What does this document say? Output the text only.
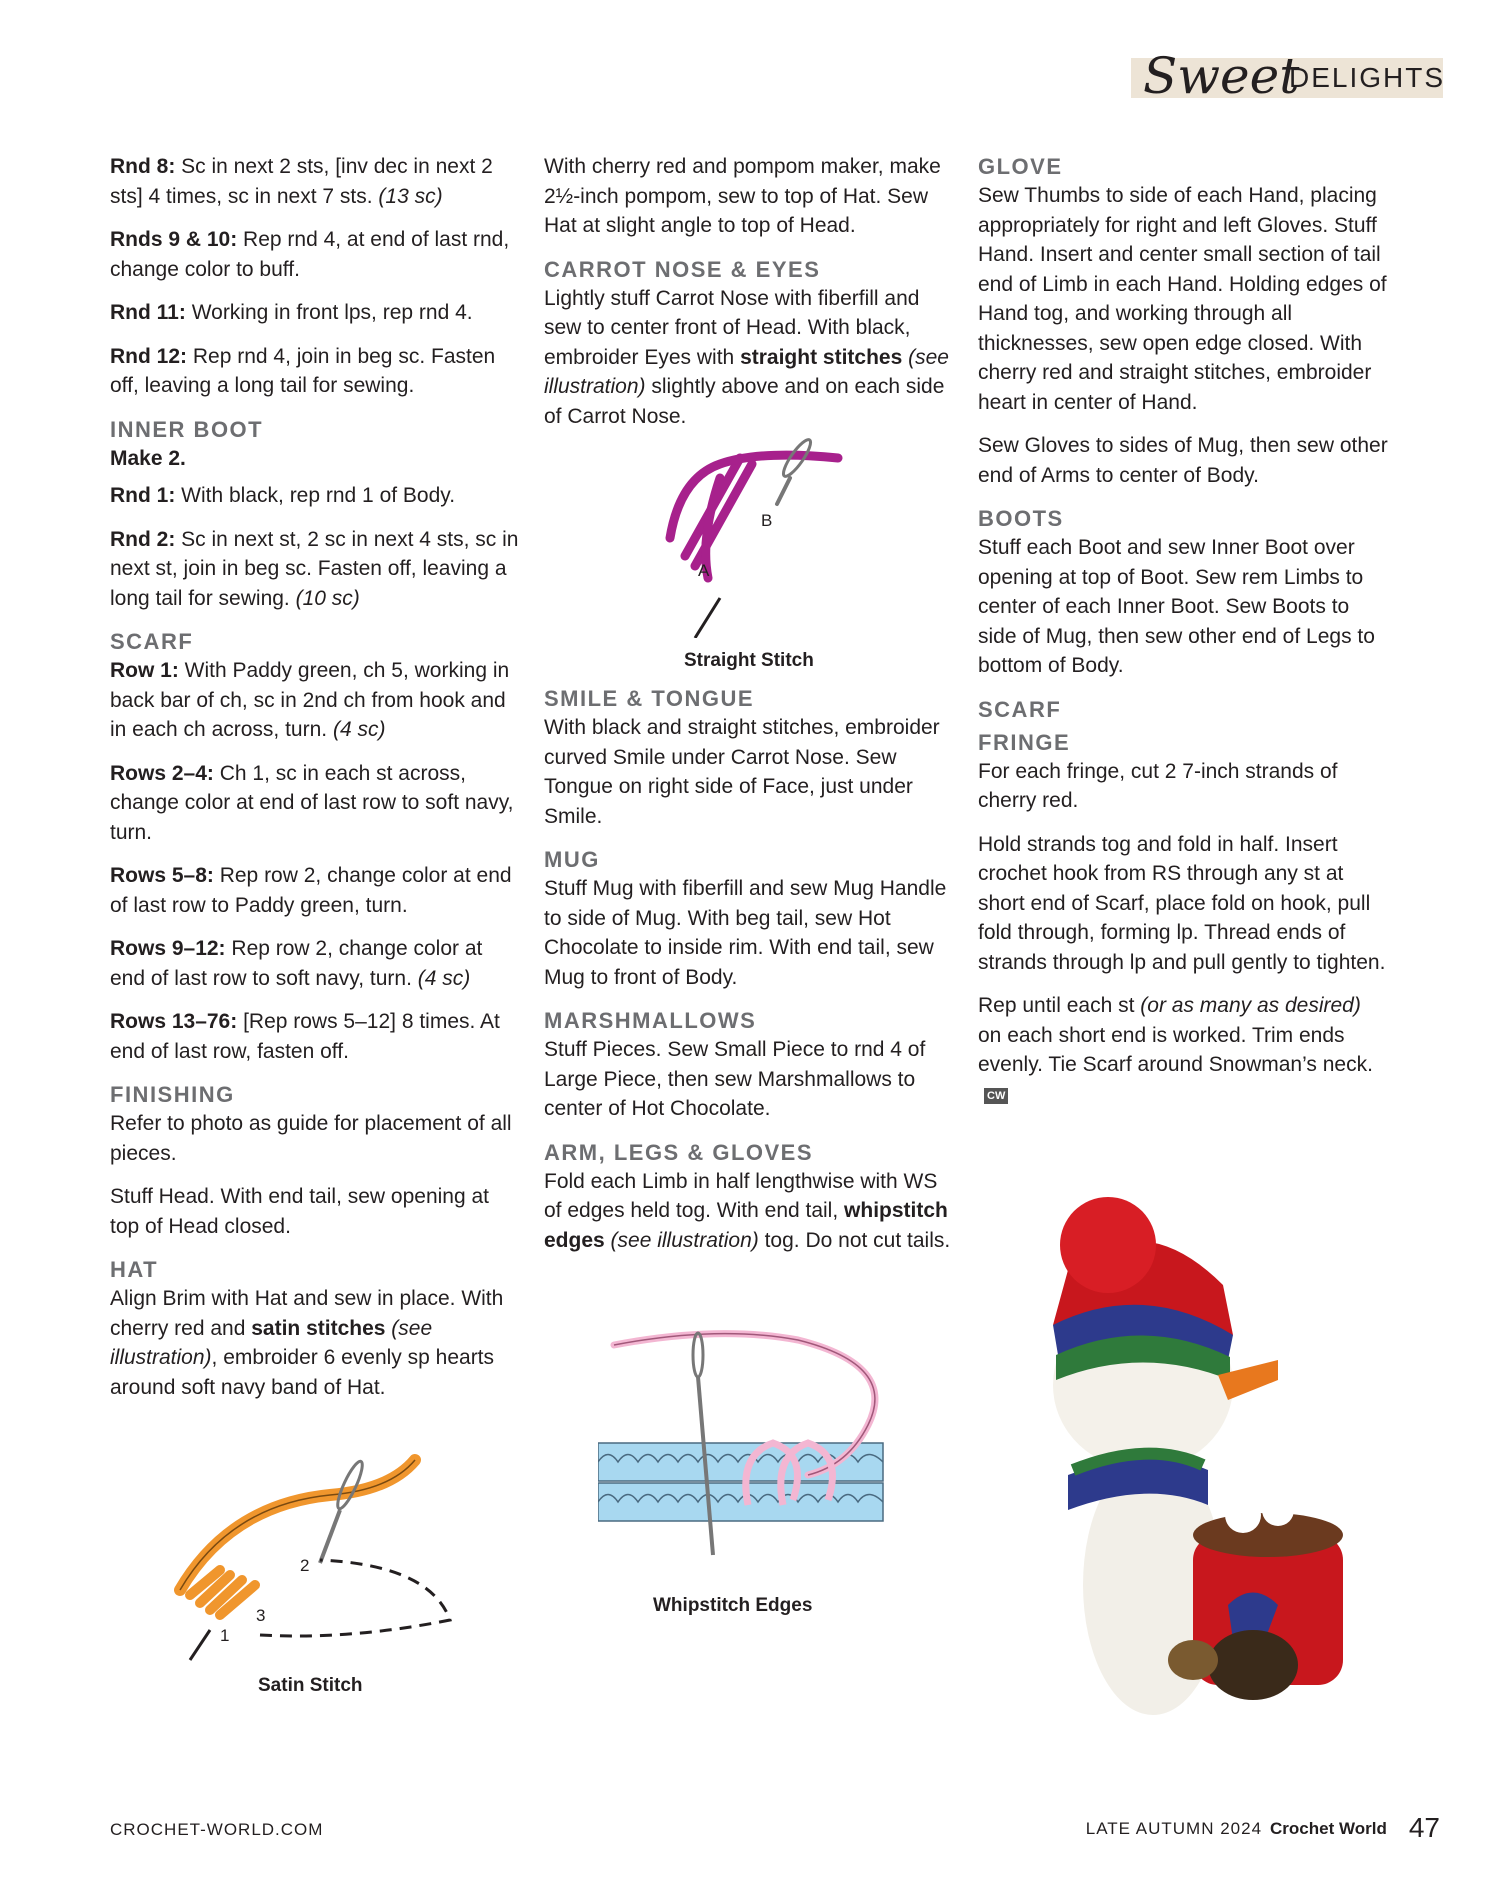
Sweet
DELIGHTS

Rnd 8: Sc in next 2 sts, [inv dec in next 2 sts] 4 times, sc in next 7 sts. (13 sc)

Rnds 9 & 10: Rep rnd 4, at end of last rnd, change color to buff.

Rnd 11: Working in front lps, rep rnd 4.

Rnd 12: Rep rnd 4, join in beg sc. Fasten off, leaving a long tail for sewing.

INNER BOOT

Make 2.

Rnd 1: With black, rep rnd 1 of Body.

Rnd 2: Sc in next st, 2 sc in next 4 sts, sc in next st, join in beg sc. Fasten off, leaving a long tail for sewing. (10 sc)

SCARF

Row 1: With Paddy green, ch 5, working in back bar of ch, sc in 2nd ch from hook and in each ch across, turn. (4 sc)

Rows 2–4: Ch 1, sc in each st across, change color at end of last row to soft navy, turn.

Rows 5–8: Rep row 2, change color at end of last row to Paddy green, turn.

Rows 9–12: Rep row 2, change color at end of last row to soft navy, turn. (4 sc)

Rows 13–76: [Rep rows 5–12] 8 times. At end of last row, fasten off.

FINISHING

Refer to photo as guide for placement of all pieces.

Stuff Head. With end tail, sew opening at top of Head closed.

HAT

Align Brim with Hat and sew in place. With cherry red and satin stitches (see illustration), embroider 6 evenly sp hearts around soft navy band of Hat.

With cherry red and pompom maker, make 2½-inch pompom, sew to top of Hat. Sew Hat at slight angle to top of Head.

CARROT NOSE & EYES

Lightly stuff Carrot Nose with fiberfill and sew to center front of Head. With black, embroider Eyes with straight stitches (see illustration) slightly above and on each side of Carrot Nose.

SMILE & TONGUE

With black and straight stitches, embroider curved Smile under Carrot Nose. Sew Tongue on right side of Face, just under Smile.

MUG

Stuff Mug with fiberfill and sew Mug Handle to side of Mug. With beg tail, sew Hot Chocolate to inside rim. With end tail, sew Mug to front of Body.

MARSHMALLOWS

Stuff Pieces. Sew Small Piece to rnd 4 of Large Piece, then sew Marshmallows to center of Hot Chocolate.

ARM, LEGS & GLOVES

Fold each Limb in half lengthwise with WS of edges held tog. With end tail, whipstitch edges (see illustration) tog. Do not cut tails.

GLOVE

Sew Thumbs to side of each Hand, placing appropriately for right and left Gloves. Stuff Hand. Insert and center small section of tail end of Limb in each Hand. Holding edges of Hand tog, and working through all thicknesses, sew open edge closed. With cherry red and straight stitches, embroider heart in center of Hand.

Sew Gloves to sides of Mug, then sew other end of Arms to center of Body.

BOOTS

Stuff each Boot and sew Inner Boot over opening at top of Boot. Sew rem Limbs to center of each Inner Boot. Sew Boots to side of Mug, then sew other end of Legs to bottom of Body.

SCARF
FRINGE

For each fringe, cut 2 7-inch strands of cherry red.

Hold strands tog and fold in half. Insert crochet hook from RS through any st at short end of Scarf, place fold on hook, pull fold through, forming lp. Thread ends of strands through lp and pull gently to tighten.

Rep until each st (or as many as desired) on each short end is worked. Trim ends evenly. Tie Scarf around Snowman’s neck.CW

B
A
Straight Stitch
Whipstitch Edges
2
3
1
Satin Stitch
CROCHET-WORLD.COM	LATE AUTUMN 2024 Crochet World 47
